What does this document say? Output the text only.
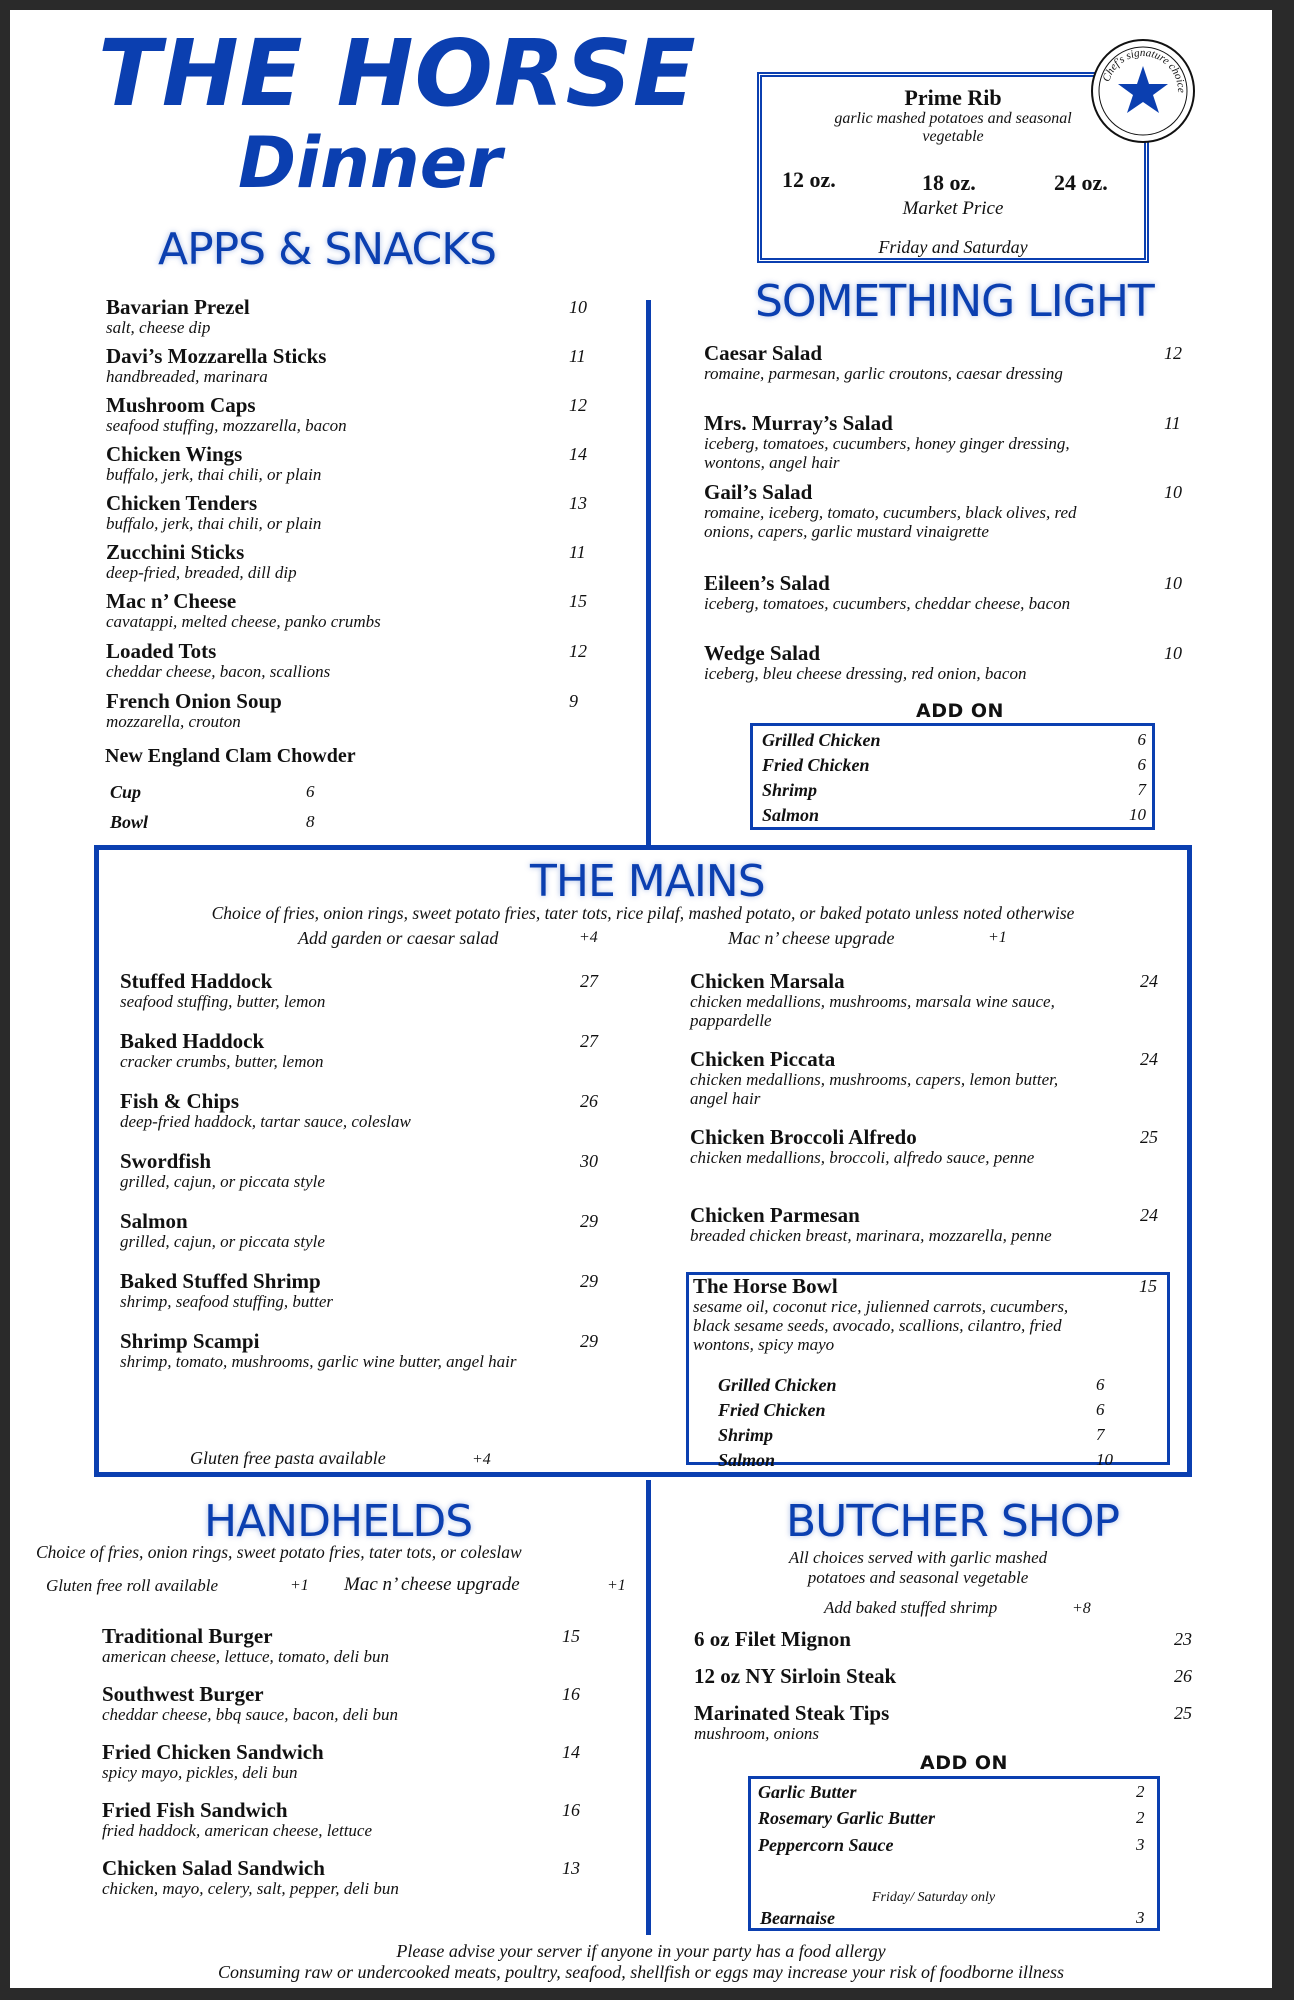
THE HORSE
Dinner
Prime Rib
garlic mashed potatoes and seasonal vegetable
12 oz.	18 oz.	24 oz.
Market Price
Friday and Saturday
Chef's signature choice
APPS & SNACKS
Bavarian Prezel	10
salt, cheese dip
Davi’s Mozzarella Sticks	11
handbreaded, marinara
Mushroom Caps	12
seafood stuffing, mozzarella, bacon
Chicken Wings	14
buffalo, jerk, thai chili, or plain
Chicken Tenders	13
buffalo, jerk, thai chili, or plain
Zucchini Sticks	11
deep-fried, breaded, dill dip
Mac n’ Cheese	15
cavatappi, melted cheese, panko crumbs
Loaded Tots	12
cheddar cheese, bacon, scallions
French Onion Soup	9
mozzarella, crouton
New England Clam Chowder
Cup	6
Bowl	8
SOMETHING LIGHT
Caesar Salad	12
romaine, parmesan, garlic croutons, caesar dressing
Mrs. Murray’s Salad	11
iceberg, tomatoes, cucumbers, honey ginger dressing, wontons, angel hair
Gail’s Salad	10
romaine, iceberg, tomato, cucumbers, black olives, red onions, capers, garlic mustard vinaigrette
Eileen’s Salad	10
iceberg, tomatoes, cucumbers, cheddar cheese, bacon
Wedge Salad	10
iceberg, bleu cheese dressing, red onion, bacon
ADD ON
Grilled Chicken	6
Fried Chicken	6
Shrimp	7
Salmon	10
THE MAINS
Choice of fries, onion rings, sweet potato fries, tater tots, rice pilaf, mashed potato, or baked potato unless noted otherwise
Add garden or caesar salad	+4	Mac n’ cheese upgrade	+1
Stuffed Haddock	27
seafood stuffing, butter, lemon
Baked Haddock	27
cracker crumbs, butter, lemon
Fish & Chips	26
deep-fried haddock, tartar sauce, coleslaw
Swordfish	30
grilled, cajun, or piccata style
Salmon	29
grilled, cajun, or piccata style
Baked Stuffed Shrimp	29
shrimp, seafood stuffing, butter
Shrimp Scampi	29
shrimp, tomato, mushrooms, garlic wine butter, angel hair
Chicken Marsala	24
chicken medallions, mushrooms, marsala wine sauce, pappardelle
Chicken Piccata	24
chicken medallions, mushrooms, capers, lemon butter, angel hair
Chicken Broccoli Alfredo	25
chicken medallions, broccoli, alfredo sauce, penne
Chicken Parmesan	24
breaded chicken breast, marinara, mozzarella, penne
The Horse Bowl	15
sesame oil, coconut rice, julienned carrots, cucumbers, black sesame seeds, avocado, scallions, cilantro, fried wontons, spicy mayo
Grilled Chicken	6
Fried Chicken	6
Shrimp	7
Salmon	10
Gluten free pasta available	+4
HANDHELDS
Choice of fries, onion rings, sweet potato fries, tater tots, or coleslaw
Gluten free roll available	+1 Mac n’ cheese upgrade	+1
Traditional Burger	15
american cheese, lettuce, tomato, deli bun
Southwest Burger	16
cheddar cheese, bbq sauce, bacon, deli bun
Fried Chicken Sandwich	14
spicy mayo, pickles, deli bun
Fried Fish Sandwich	16
fried haddock, american cheese, lettuce
Chicken Salad Sandwich	13
chicken, mayo, celery, salt, pepper, deli bun
BUTCHER SHOP
All choices served with garlic mashed potatoes and seasonal vegetable
Add baked stuffed shrimp	+8
6 oz Filet Mignon	23
12 oz NY Sirloin Steak	26
Marinated Steak Tips	25
mushroom, onions
ADD ON
Garlic Butter	2
Rosemary Garlic Butter	2
Peppercorn Sauce	3
Friday/ Saturday only
Bearnaise	3
Please advise your server if anyone in your party has a food allergy
Consuming raw or undercooked meats, poultry, seafood, shellfish or eggs may increase your risk of foodborne illness
